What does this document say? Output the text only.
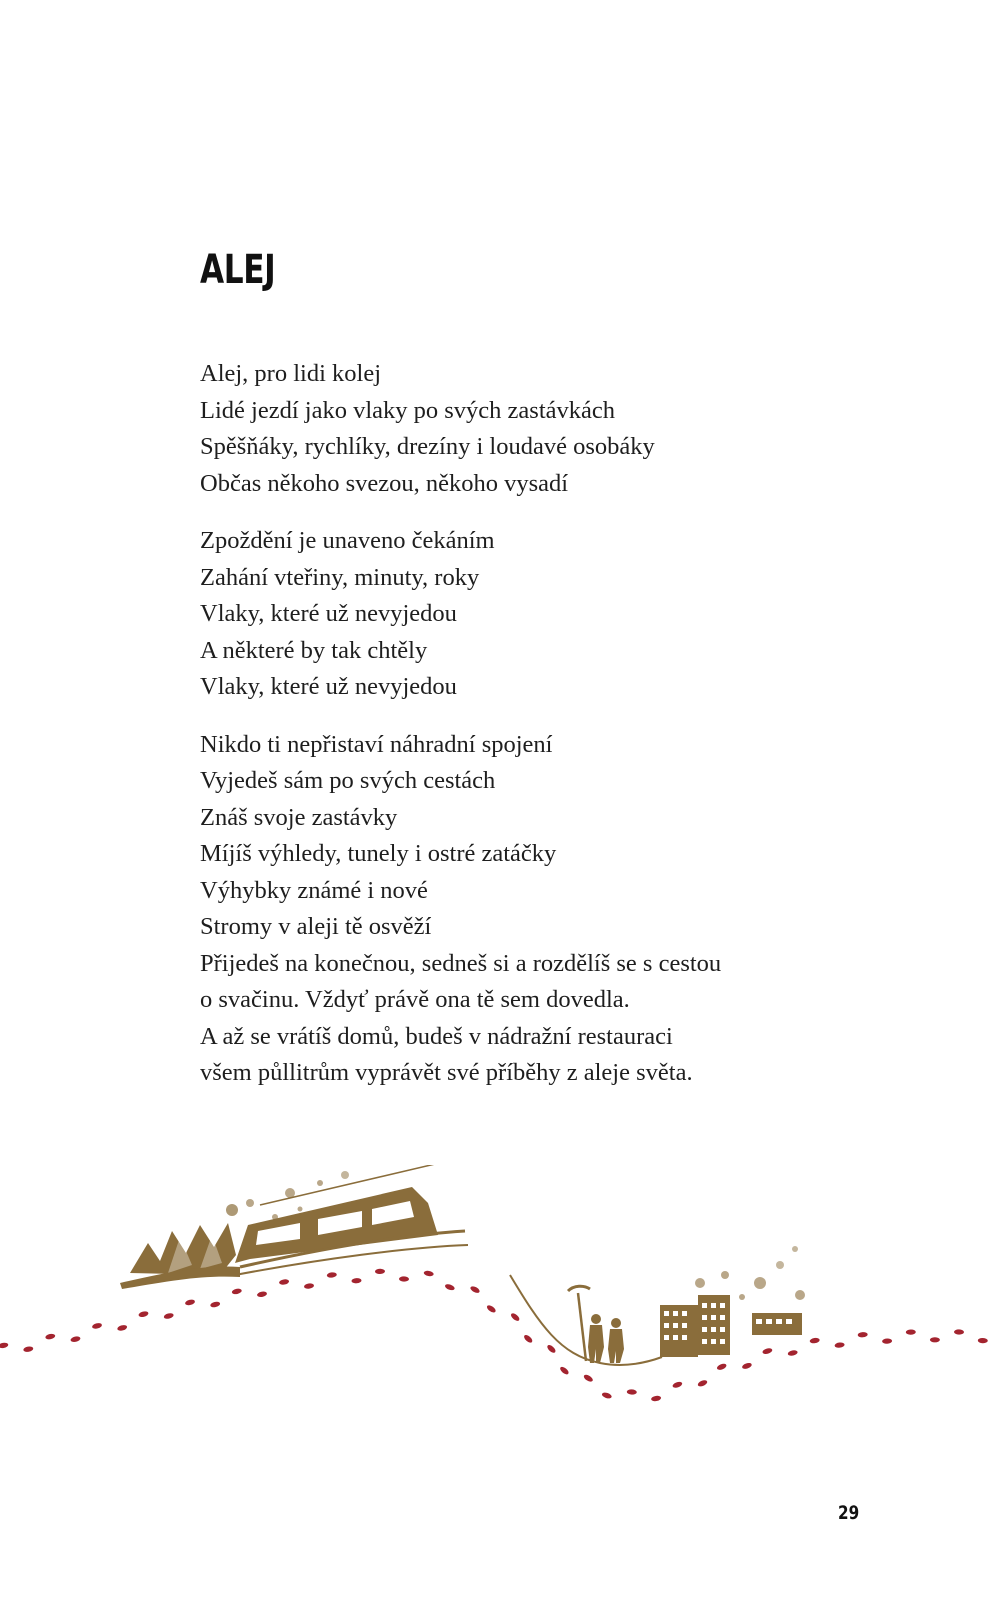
ALEJ
Alej, pro lidi kolej
Lidé jezdí jako vlaky po svých zastávkách
Spěšňáky, rychlíky, drezíny i loudavé osobáky
Občas někoho svezou, někoho vysadí
Zpoždění je unaveno čekáním
Zahání vteřiny, minuty, roky
Vlaky, které už nevyjedou
A některé by tak chtěly
Vlaky, které už nevyjedou
Nikdo ti nepřistaví náhradní spojení
Vyjedeš sám po svých cestách
Znáš svoje zastávky
Míjíš výhledy, tunely i ostré zatáčky
Výhybky známé i nové
Stromy v aleji tě osvěží
Přijedeš na konečnou, sedneš si a rozdělíš se s cestou
o svačinu. Vždyť právě ona tě sem dovedla.
A až se vrátíš domů, budeš v nádražní restauraci
všem půllitrům vyprávět své příběhy z aleje světa.
29
